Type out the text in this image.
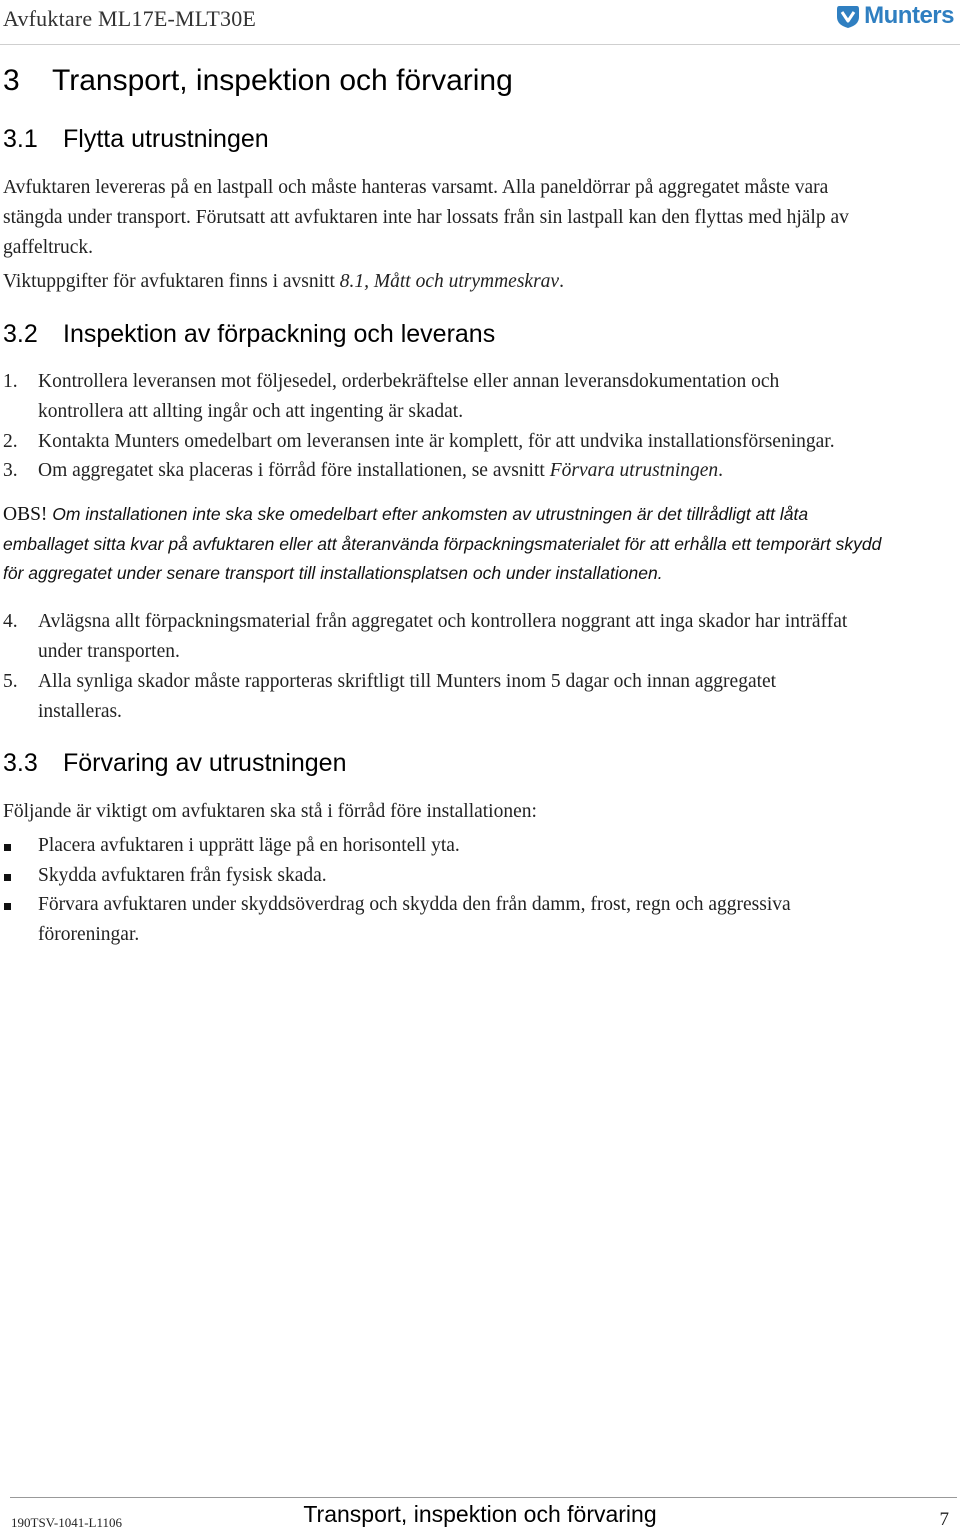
Avfuktare ML17E-MLT30E	Munters
3 Transport, inspektion och förvaring
3.1 Flytta utrustningen
Avfuktaren levereras på en lastpall och måste hanteras varsamt. Alla paneldörrar på aggregatet måste vara
stängda under transport. Förutsatt att avfuktaren inte har lossats från sin lastpall kan den flyttas med hjälp av
gaffeltruck.
Viktuppgifter för avfuktaren finns i avsnitt 8.1, Mått och utrymmeskrav.
3.2 Inspektion av förpackning och leverans
1. Kontrollera leveransen mot följesedel, orderbekräftelse eller annan leveransdokumentation och
kontrollera att allting ingår och att ingenting är skadat.
2. Kontakta Munters omedelbart om leveransen inte är komplett, för att undvika installationsförseningar.
3. Om aggregatet ska placeras i förråd före installationen, se avsnitt Förvara utrustningen.
OBS! Om installationen inte ska ske omedelbart efter ankomsten av utrustningen är det tillrådligt att låta
emballaget sitta kvar på avfuktaren eller att återanvända förpackningsmaterialet för att erhålla ett temporärt skydd
för aggregatet under senare transport till installationsplatsen och under installationen.
4. Avlägsna allt förpackningsmaterial från aggregatet och kontrollera noggrant att inga skador har inträffat
under transporten.
5. Alla synliga skador måste rapporteras skriftligt till Munters inom 5 dagar och innan aggregatet
installeras.
3.3 Förvaring av utrustningen
Följande är viktigt om avfuktaren ska stå i förråd före installationen:
Placera avfuktaren i upprätt läge på en horisontell yta.
Skydda avfuktaren från fysisk skada.
Förvara avfuktaren under skyddsöverdrag och skydda den från damm, frost, regn och aggressiva
föroreningar.
190TSV-1041-L1106	Transport, inspektion och förvaring	7
